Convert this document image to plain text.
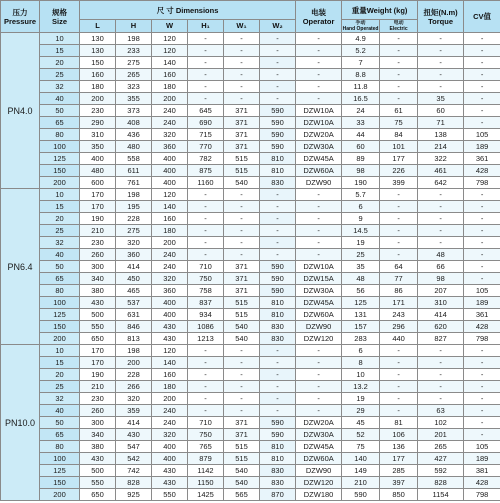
压力
Pressure	规格
Size	尺 寸 Dimensions						电装
Operator	重量Weight (kg)		扭矩(N.m)
Torque	CV值
		L	H	W	H₁	W₁	W₂		手动
Hand Operated	电动
Electric		

PN4.0	10	130	198	120	-	-	-	-	4.9	-	-	-
	15	130	233	120	-	-	-	-	5.2	-	-	-
	20	150	275	140	-	-	-	-	7	-	-	-
	25	160	265	160	-	-	-	-	8.8	-	-	-
	32	180	323	180	-	-	-	-	11.8	-	-	-
	40	200	355	200	-	-	-	-	16.5	-	35	-
	50	230	373	240	645	371	590	DZW10A	24	61	60	-
	65	290	408	240	690	371	590	DZW10A	33	75	71	-
	80	310	436	320	715	371	590	DZW20A	44	84	138	105
	100	350	480	360	770	371	590	DZW30A	60	101	214	189
	125	400	558	400	782	515	810	DZW45A	89	177	322	361
	150	480	611	400	875	515	810	DZW60A	98	226	461	428
	200	600	761	400	1160	540	830	DZW90	190	399	642	798
PN6.4	10	170	198	120	-	-	-	-	5.7	-	-	-
	15	170	195	140	-	-	-	-	6	-	-	-
	20	190	228	160	-	-	-	-	9	-	-	-
	25	210	275	180	-	-	-	-	14.5	-	-	-
	32	230	320	200	-	-	-	-	19	-	-	-
	40	260	360	240	-	-	-	-	25	-	48	-
	50	300	414	240	710	371	590	DZW10A	35	64	66	-
	65	340	450	320	750	371	590	DZW15A	48	77	98	-
	80	380	465	360	758	371	590	DZW30A	56	86	207	105
	100	430	537	400	837	515	810	DZW45A	125	171	310	189
	125	500	631	400	934	515	810	DZW60A	131	243	414	361
	150	550	846	430	1086	540	830	DZW90	157	296	620	428
	200	650	813	430	1213	540	830	DZW120	283	440	827	798
PN10.0	10	170	198	120	-	-	-	-	6	-	-	-
	15	170	200	140	-	-	-	-	8	-	-	-
	20	190	228	160	-	-	-	-	10	-	-	-
	25	210	266	180	-	-	-	-	13.2	-	-	-
	32	230	320	200	-	-	-	-	19	-	-	-
	40	260	359	240	-	-	-	-	29	-	63	-
	50	300	414	240	710	371	590	DZW20A	45	81	102	-
	65	340	430	320	750	371	590	DZW30A	52	106	201	-
	80	380	547	400	765	515	810	DZW45A	75	136	265	105
	100	430	542	400	879	515	810	DZW60A	140	177	427	189
	125	500	742	430	1142	540	830	DZW90	149	285	592	381
	150	550	828	430	1150	540	830	DZW120	210	397	828	428
	200	650	925	550	1425	565	870	DZW180	590	850	1154	798
